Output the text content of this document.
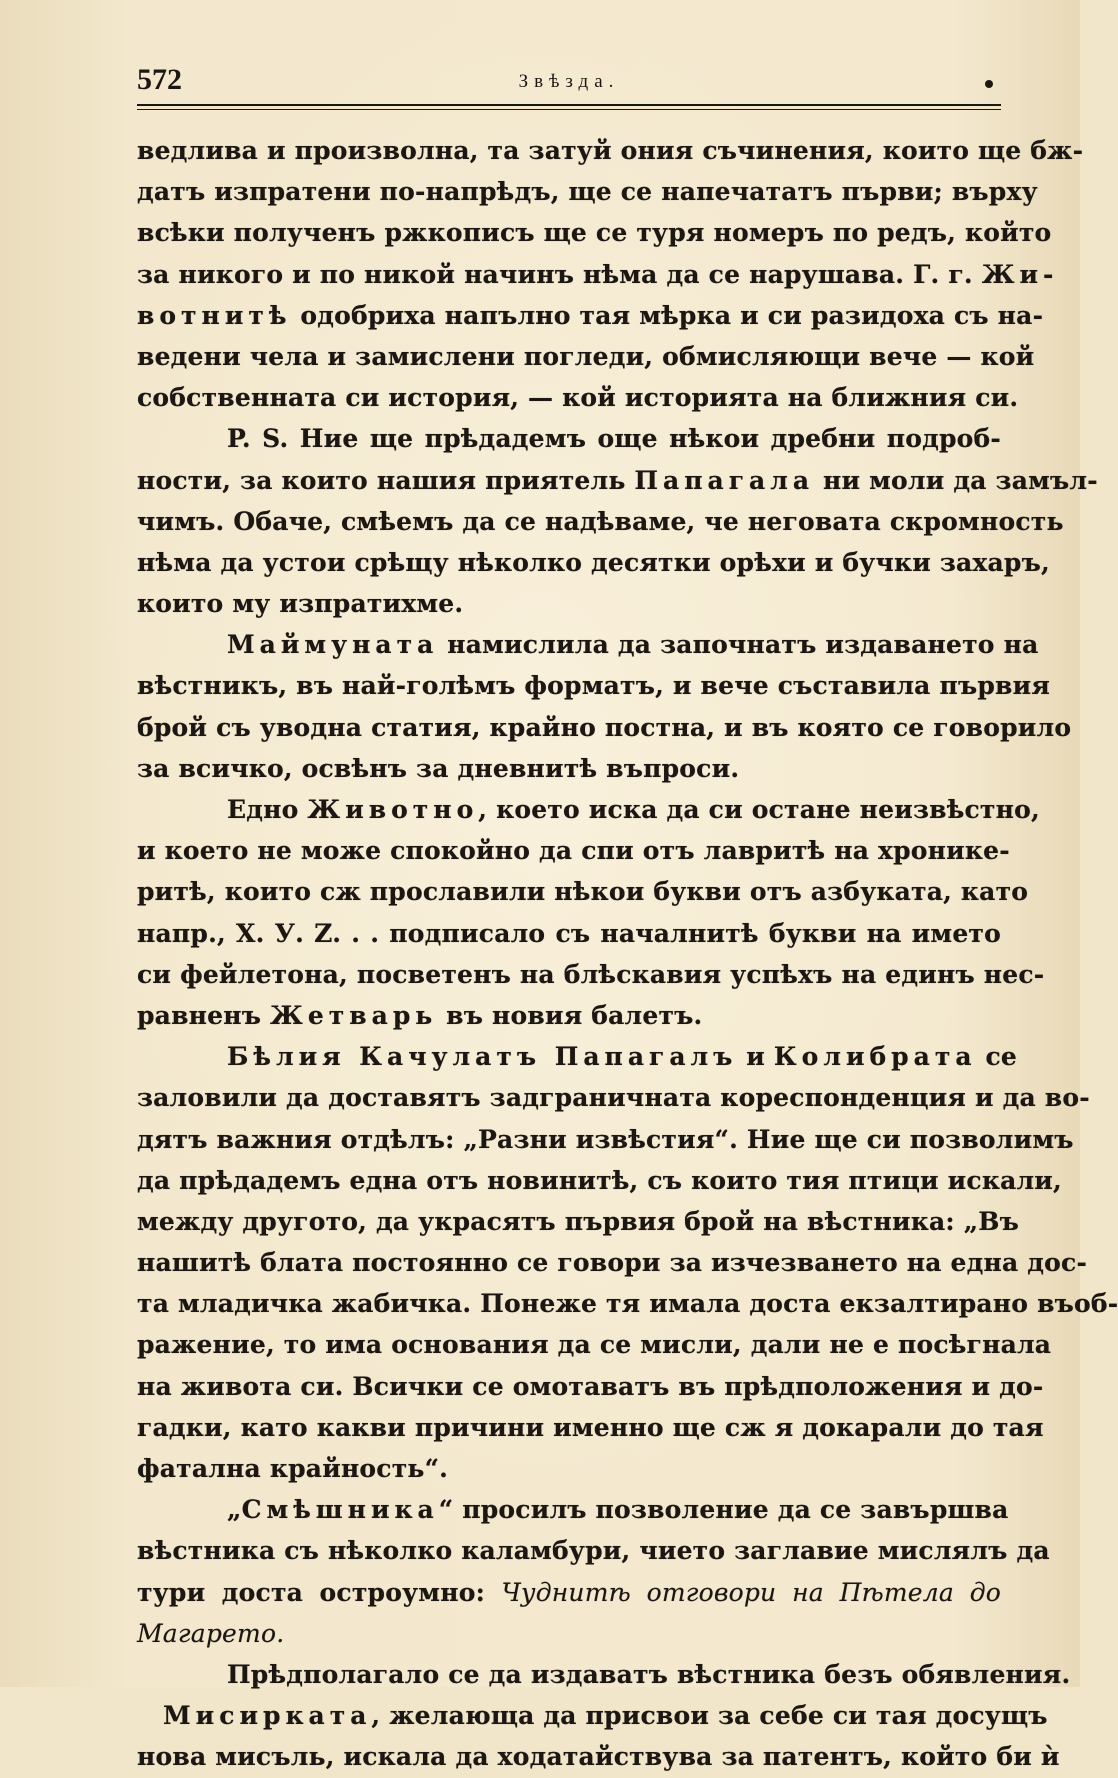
572	Звѣзда.
ведлива и произволна, та затуй ония съчинения, които ще бж-
датъ изпратени по-напрѣдъ, ще се напечататъ първи; върху
всѣки полученъ ржкописъ ще се туря номеръ по редъ, който
за никого и по никой начинъ нѣма да се нарушава. Г. г. Жи-
вотнитѣ одобриха напълно тая мѣрка и си разидоха съ на-
ведени чела и замислени погледи, обмисляющи вече — кой
собственната си история, — кой историята на ближния си.
P. S. Ние ще прѣдадемъ още нѣкои дребни подроб-
ности, за които нашия приятель Папагала ни моли да замъл-
чимъ. Обаче, смѣемъ да се надѣваме, че неговата скромность
нѣма да устои срѣщу нѣколко десятки орѣхи и бучки захаръ,
които му изпратихме.
Маймуната намислила да започнатъ издаването на
вѣстникъ, въ най-голѣмъ форматъ, и вече съставила първия
брой съ уводна статия, крайно постна, и въ която се говорило
за всичко, освѣнъ за дневнитѣ въпроси.
Едно Животно, което иска да си остане неизвѣстно,
и което не може спокойно да спи отъ лавритѣ на хронике-
ритѣ, които сж прославили нѣкои букви отъ азбуката, като
напр., X. У. Z. . . подписало съ началнитѣ букви на името
си фейлетона, посветенъ на блѣскавия успѣхъ на единъ нес-
равненъ Жетварь въ новия балетъ.
Бѣлия Качулатъ Папагалъ и Колибрата се
заловили да доставятъ задграничната кореспонденция и да во-
дятъ важния отдѣлъ: „Разни извѣстия“. Ние ще си позволимъ
да прѣдадемъ една отъ новинитѣ, съ които тия птици искали,
между другото, да украсятъ първия брой на вѣстника: „Въ
нашитѣ блата постоянно се говори за изчезването на една дос-
та младичка жабичка. Понеже тя имала доста екзалтирано въоб-
ражение, то има основания да се мисли, дали не е посѣгнала
на живота си. Всички се омотаватъ въ прѣдположения и до-
гадки, като какви причини именно ще сж я докарали до тая
фатална крайность“.
„Смѣшника“ просилъ позволение да се завършва
вѣстника съ нѣколко каламбури, чието заглавие мислялъ да
тури доста остроумно: Чуднитѣ отговори на Пѣтела до
Магарето.
Прѣдполагало се да издаватъ вѣстника безъ обявления.
Мисирката, желающа да присвои за себе си тая досущъ
нова мисъль, искала да ходатайствува за патентъ, който би ѝ
